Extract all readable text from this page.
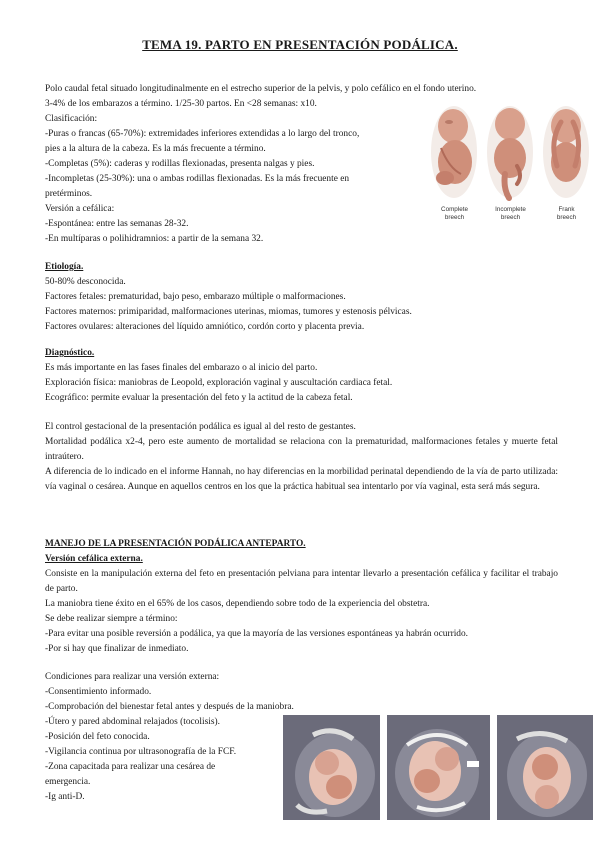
TEMA 19. PARTO EN PRESENTACIÓN PODÁLICA.

Polo caudal fetal situado longitudinalmente en el estrecho superior de la pelvis, y polo cefálico en el fondo uterino.

3-4% de los embarazos a término. 1/25-30 partos. En <28 semanas: x10.

Clasificación:

-Puras o francas (65-70%): extremidades inferiores extendidas a lo largo del tronco,

pies a la altura de la cabeza. Es la más frecuente a término.

-Completas (5%): caderas y rodillas flexionadas, presenta nalgas y pies.

-Incompletas (25-30%): una o ambas rodillas flexionadas. Es la más frecuente en

pretérminos.

Versión a cefálica:

-Espontánea: entre las semanas 28-32.

-En multíparas o polihidramnios: a partir de la semana 32.

Complete
breech
Incomplete
breech
Frank
breech

Etiología.

50-80% desconocida.

Factores fetales: prematuridad, bajo peso, embarazo múltiple o malformaciones.

Factores maternos: primiparidad, malformaciones uterinas, miomas, tumores y estenosis pélvicas.

Factores ovulares: alteraciones del líquido amniótico, cordón corto y placenta previa.

Diagnóstico.

Es más importante en las fases finales del embarazo o al inicio del parto.

Exploración física: maniobras de Leopold, exploración vaginal y auscultación cardiaca fetal.

Ecográfico: permite evaluar la presentación del feto y la actitud de la cabeza fetal.

El control gestacional de la presentación podálica es igual al del resto de gestantes.

Mortalidad podálica x2-4, pero este aumento de mortalidad se relaciona con la prematuridad, malformaciones fetales y muerte fetal intraútero.

A diferencia de lo indicado en el informe Hannah, no hay diferencias en la morbilidad perinatal dependiendo de la vía de parto utilizada: vía vaginal o cesárea. Aunque en aquellos centros en los que la práctica habitual sea intentarlo por vía vaginal, esta será más segura.

MANEJO DE LA PRESENTACIÓN PODÁLICA ANTEPARTO.

Versión cefálica externa.

Consiste en la manipulación externa del feto en presentación pelviana para intentar llevarlo a presentación cefálica y facilitar el trabajo de parto.

La maniobra tiene éxito en el 65% de los casos, dependiendo sobre todo de la experiencia del obstetra.

Se debe realizar siempre a término:

-Para evitar una posible reversión a podálica, ya que la mayoría de las versiones espontáneas ya habrán ocurrido.

-Por si hay que finalizar de inmediato.

Condiciones para realizar una versión externa:

-Consentimiento informado.

-Comprobación del bienestar fetal antes y después de la maniobra.

-Útero y pared abdominal relajados (tocolisis).

-Posición del feto conocida.

-Vigilancia continua por ultrasonografía de la FCF.

-Zona capacitada para realizar una cesárea de

emergencia.

-Ig anti-D.
